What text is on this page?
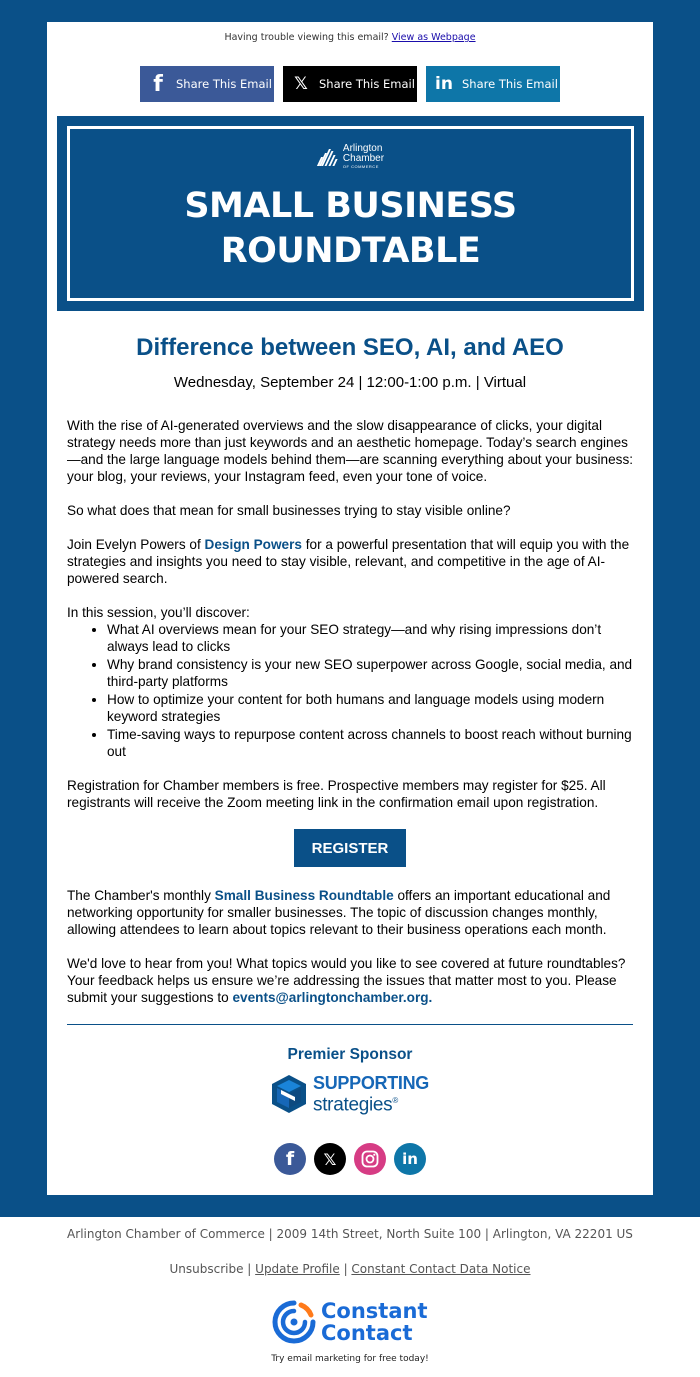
Having trouble viewing this email? View as Webpage
f	Share This Email	𝕏 Share This Email	in Share This Email
Arlington
Chamber
OF COMMERCE
SMALL BUSINESS
ROUNDTABLE
Difference between SEO, AI, and AEO
Wednesday, September 24 | 12:00-1:00 p.m. | Virtual

With the rise of AI-generated overviews and the slow disappearance of clicks, your digital strategy needs more than just keywords and an aesthetic homepage. Today’s search engines—and the large language models behind them—are scanning everything about your business: your blog, your reviews, your Instagram feed, even your tone of voice.

So what does that mean for small businesses trying to stay visible online?

Join Evelyn Powers of Design Powers for a powerful presentation that will equip you with the strategies and insights you need to stay visible, relevant, and competitive in the age of AI-powered search.

In this session, you’ll discover:
• What AI overviews mean for your SEO strategy—and why rising impressions don’t always lead to clicks
• Why brand consistency is your new SEO superpower across Google, social media, and third-party platforms
• How to optimize your content for both humans and language models using modern keyword strategies
• Time-saving ways to repurpose content across channels to boost reach without burning out

Registration for Chamber members is free. Prospective members may register for $25. All registrants will receive the Zoom meeting link in the confirmation email upon registration.

REGISTER

The Chamber's monthly Small Business Roundtable offers an important educational and networking opportunity for smaller businesses. The topic of discussion changes monthly, allowing attendees to learn about topics relevant to their business operations each month.

We'd love to hear from you! What topics would you like to see covered at future roundtables? Your feedback helps us ensure we’re addressing the issues that matter most to you. Please submit your suggestions to events@arlingtonchamber.org.

Premier Sponsor
SUPPORTING
strategies®
f	𝕏	in
Arlington Chamber of Commerce | 2009 14th Street, North Suite 100 | Arlington, VA 22201 US
Unsubscribe | Update Profile | Constant Contact Data Notice
Constant
Contact
Try email marketing for free today!
